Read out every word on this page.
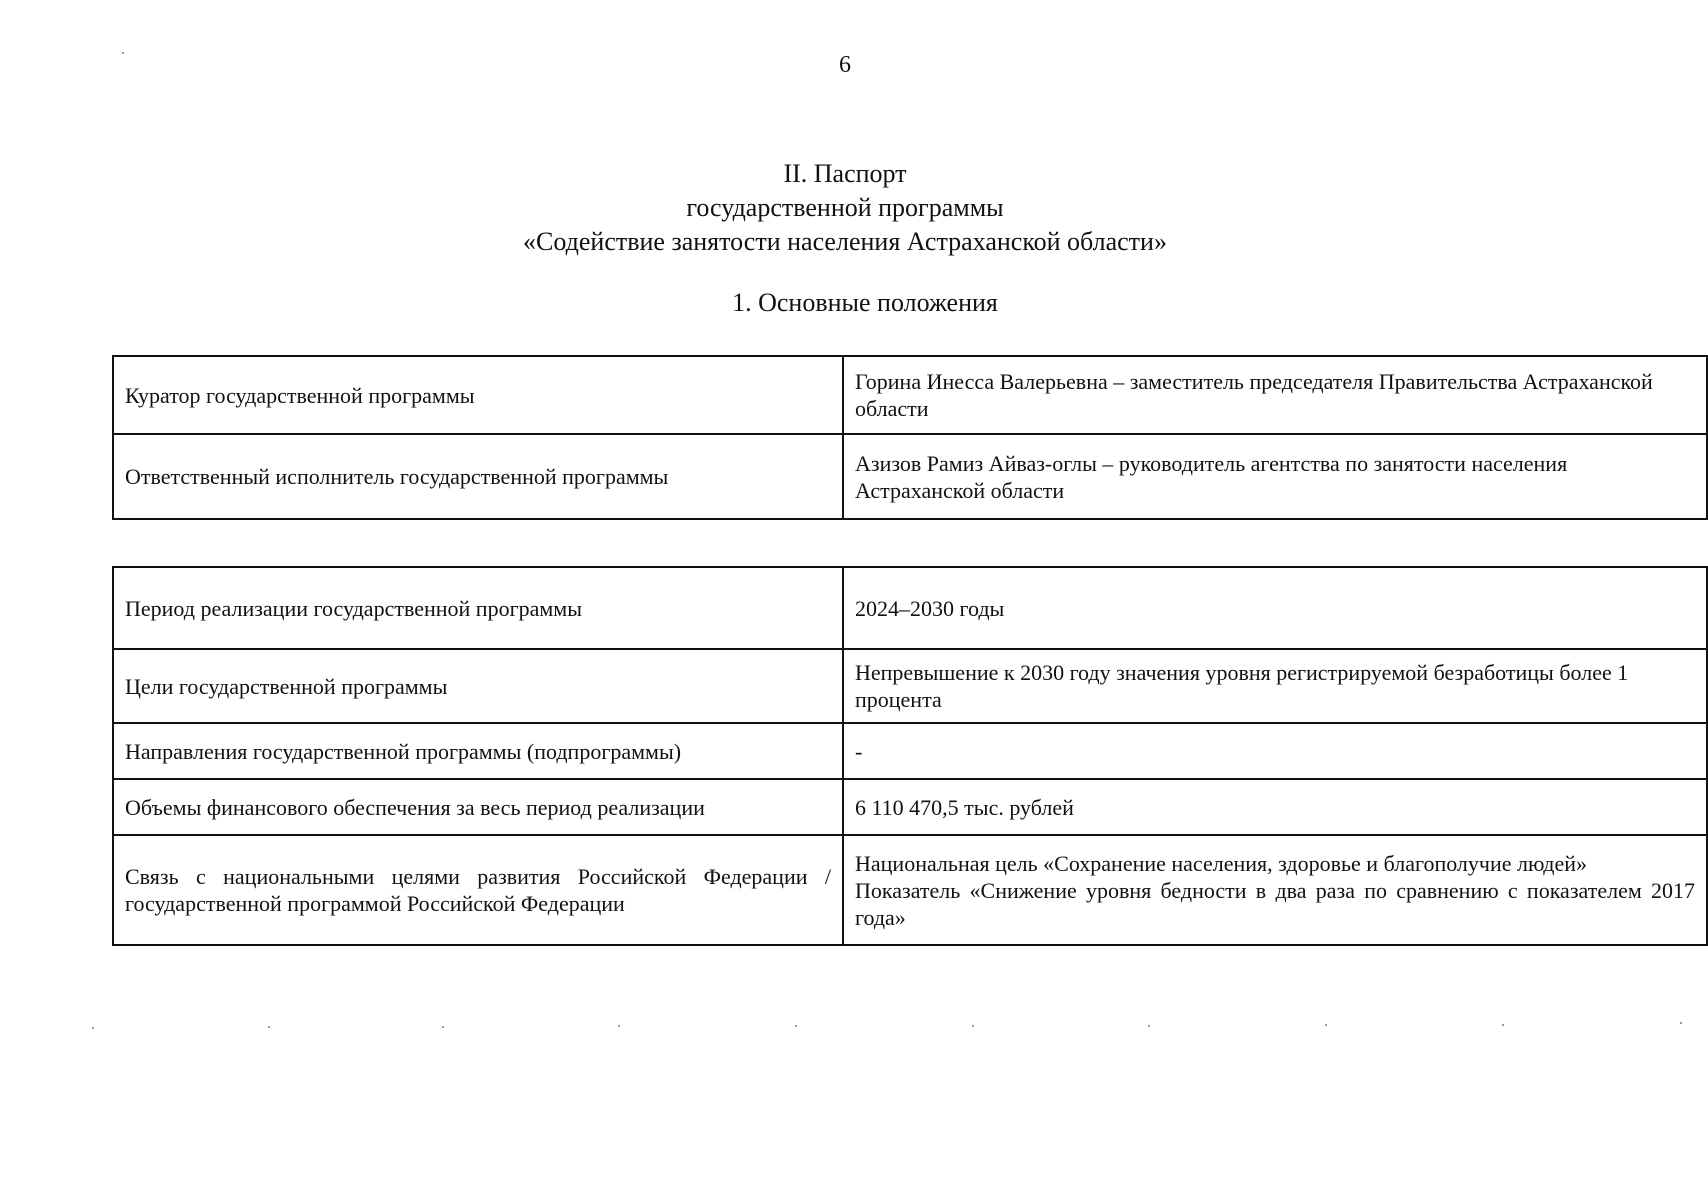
6
II. Паспорт
государственной программы
«Содействие занятости населения Астраханской области»
1. Основные положения
Куратор государственной программы	Горина Инесса Валерьевна – заместитель председателя Правительства Астраханской области
Ответственный исполнитель государственной программы	Азизов Рамиз Айваз-оглы – руководитель агентства по занятости населения Астраханской области
Период реализации государственной программы	2024–2030 годы
Цели государственной программы	Непревышение к 2030 году значения уровня регистрируемой безработицы более 1 процента
Направления государственной программы (подпрограммы)	-
Объемы финансового обеспечения за весь период реализации	6 110 470,5 тыс. рублей
Связь с национальными целями развития Российской Федерации / государственной программой Российской Федерации	Национальная цель «Сохранение населения, здоровье и благополучие людей»
Показатель «Снижение уровня бедности в два раза по сравнению с показателем 2017 года»
